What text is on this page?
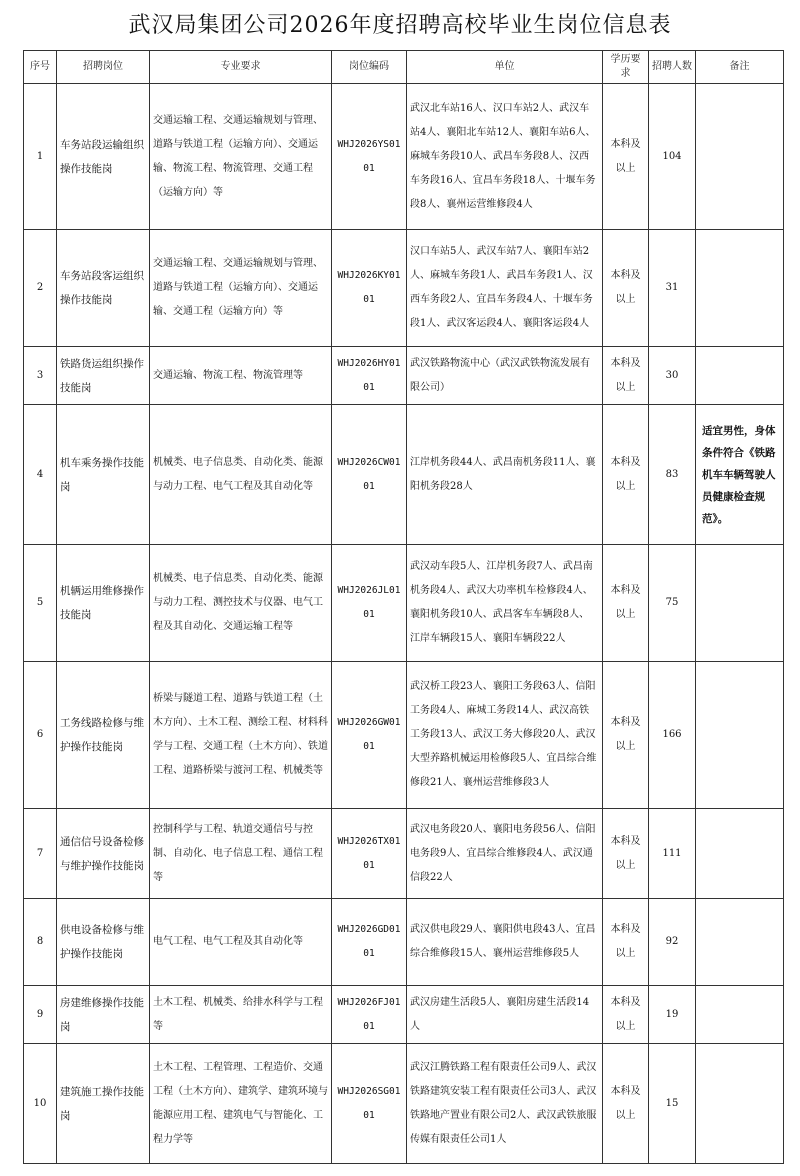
武汉局集团公司2026年度招聘高校毕业生岗位信息表
序号	招聘岗位	专业要求	岗位编码	单位	学历要求	招聘人数	备注
1	车务站段运输组织操作技能岗	交通运输工程、交通运输规划与管理、道路与铁道工程（运输方向）、交通运输、物流工程、物流管理、交通工程（运输方向）等	WHJ2026YS0101	武汉北车站16人、汉口车站2人、武汉车站4人、襄阳北车站12人、襄阳车站6人、麻城车务段10人、武昌车务段8人、汉西车务段16人、宜昌车务段18人、十堰车务段8人、襄州运营维修段4人	本科及以上	104	
2	车务站段客运组织操作技能岗	交通运输工程、交通运输规划与管理、道路与铁道工程（运输方向）、交通运输、交通工程（运输方向）等	WHJ2026KY0101	汉口车站5人、武汉车站7人、襄阳车站2人、麻城车务段1人、武昌车务段1人、汉西车务段2人、宜昌车务段4人、十堰车务段1人、武汉客运段4人、襄阳客运段4人	本科及以上	31	
3	铁路货运组织操作技能岗	交通运输、物流工程、物流管理等	WHJ2026HY0101	武汉铁路物流中心（武汉武铁物流发展有限公司）	本科及以上	30	
4	机车乘务操作技能岗	机械类、电子信息类、自动化类、能源与动力工程、电气工程及其自动化等	WHJ2026CW0101	江岸机务段44人、武昌南机务段11人、襄阳机务段28人	本科及以上	83	适宜男性，身体条件符合《铁路机车车辆驾驶人员健康检查规范》。
5	机辆运用维修操作技能岗	机械类、电子信息类、自动化类、能源与动力工程、测控技术与仪器、电气工程及其自动化、交通运输工程等	WHJ2026JL0101	武汉动车段5人、江岸机务段7人、武昌南机务段4人、武汉大功率机车检修段4人、襄阳机务段10人、武昌客车车辆段8人、江岸车辆段15人、襄阳车辆段22人	本科及以上	75	
6	工务线路检修与维护操作技能岗	桥梁与隧道工程、道路与铁道工程（土木方向）、土木工程、测绘工程、材料科学与工程、交通工程（土木方向）、铁道工程、道路桥梁与渡河工程、机械类等	WHJ2026GW0101	武汉桥工段23人、襄阳工务段63人、信阳工务段4人、麻城工务段14人、武汉高铁工务段13人、武汉工务大修段20人、武汉大型养路机械运用检修段5人、宜昌综合维修段21人、襄州运营维修段3人	本科及以上	166	
7	通信信号设备检修与维护操作技能岗	控制科学与工程、轨道交通信号与控制、自动化、电子信息工程、通信工程等	WHJ2026TX0101	武汉电务段20人、襄阳电务段56人、信阳电务段9人、宜昌综合维修段4人、武汉通信段22人	本科及以上	111	
8	供电设备检修与维护操作技能岗	电气工程、电气工程及其自动化等	WHJ2026GD0101	武汉供电段29人、襄阳供电段43人、宜昌综合维修段15人、襄州运营维修段5人	本科及以上	92	
9	房建维修操作技能岗	土木工程、机械类、给排水科学与工程等	WHJ2026FJ0101	武汉房建生活段5人、襄阳房建生活段14人	本科及以上	19	
10	建筑施工操作技能岗	土木工程、工程管理、工程造价、交通工程（土木方向）、建筑学、建筑环境与能源应用工程、建筑电气与智能化、工程力学等	WHJ2026SG0101	武汉江腾铁路工程有限责任公司9人、武汉铁路建筑安装工程有限责任公司3人、武汉铁路地产置业有限公司2人、武汉武铁旅服传媒有限责任公司1人	本科及以上	15	
